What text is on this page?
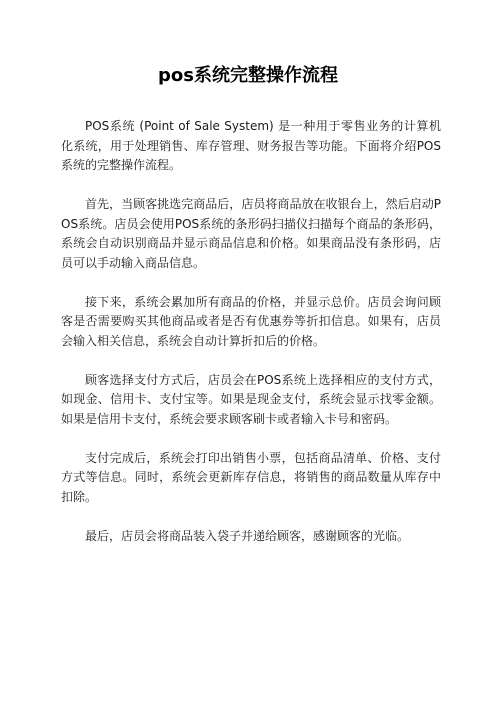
pos系统完整操作流程

POS系统 (Point of Sale System) 是一种用于零售业务的计算机化系统，用于处理销售、库存管理、财务报告等功能。下面将介绍POS系统的完整操作流程。

首先，当顾客挑选完商品后，店员将商品放在收银台上，然后启动POS系统。店员会使用POS系统的条形码扫描仪扫描每个商品的条形码，系统会自动识别商品并显示商品信息和价格。如果商品没有条形码，店员可以手动输入商品信息。

接下来，系统会累加所有商品的价格，并显示总价。店员会询问顾客是否需要购买其他商品或者是否有优惠券等折扣信息。如果有，店员会输入相关信息，系统会自动计算折扣后的价格。

顾客选择支付方式后，店员会在POS系统上选择相应的支付方式，如现金、信用卡、支付宝等。如果是现金支付，系统会显示找零金额。如果是信用卡支付，系统会要求顾客刷卡或者输入卡号和密码。

支付完成后，系统会打印出销售小票，包括商品清单、价格、支付方式等信息。同时，系统会更新库存信息，将销售的商品数量从库存中扣除。

最后，店员会将商品装入袋子并递给顾客，感谢顾客的光临。
